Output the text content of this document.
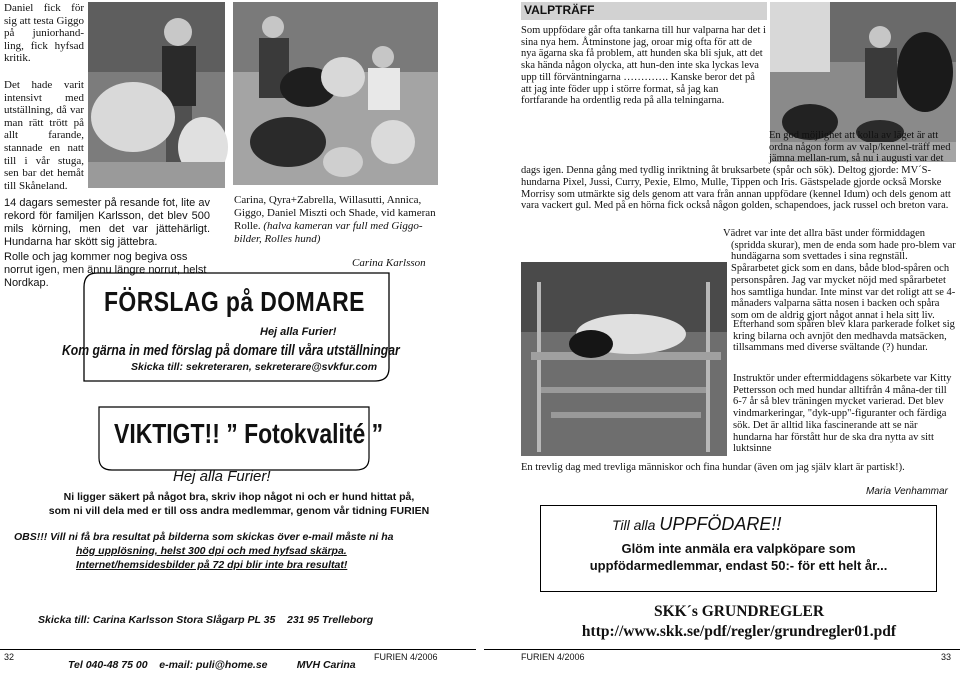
Daniel fick för sig att testa Giggo på juniorhand-ling, fick hyfsad kritik.

Det hade varit intensivt med utställning, då var man rätt trött på allt farande, stannade en natt till i vår stuga, sen bar det hemåt till Skåneland.

14 dagars semester på resande fot, lite av rekord för familjen Karlsson, det blev 500 mils körning, men det var jättehärligt. Hundarna har skött sig jättebra.

Rolle och jag kommer nog begiva oss norrut igen, men ännu längre norrut, helst Nordkap.

Carina, Qyra+Zabrella, Willasutti, Annica, Giggo, Daniel Miszti och Shade, vid kameran Rolle. (halva kameran var full med Giggo-bilder, Rolles hund)
Carina Karlsson
FÖRSLAG på DOMARE
Hej alla Furier!
Kom gärna in med förslag på domare till våra utställningar
Skicka till: sekreteraren, sekreterare@svkfur.com
VIKTIGT!! ” Fotokvalité ”
Hej alla Furier!
Ni ligger säkert på något bra, skriv ihop något ni och er hund hittat på,
som ni vill dela med er till oss andra medlemmar, genom vår tidning FURIEN
OBS!!! Vill ni få bra resultat på bilderna som skickas över e-mail måste ni ha
hög upplösning, helst 300 dpi och med hyfsad skärpa.
Internet/hemsidesbilder på 72 dpi blir inte bra resultat!

Skicka till: Carina Karlsson Stora Slågarp PL 35    231 95 Trelleborg

Tel 040-48 75 00    e-mail: puli@home.se          MVH Carina

32	FURIEN 4/2006
VALPTRÄFF
Som uppfödare går ofta tankarna till hur valparna har det i sina nya hem. Åtminstone jag, oroar mig ofta för att de nya ägarna ska få problem, att hunden ska bli sjuk, att det ska hända någon olycka, att hun-den inte ska lyckas leva upp till förväntningarna …………. Kanske beror det på att jag inte föder upp i större format, så jag kan fortfarande ha ordentlig reda på alla telningarna.
En god möjlighet att kolla av läget är att ordna någon form av valp/kennel-träff med jämna mellan-rum, så nu i augusti var det dags igen. Denna gång med tydlig inriktning åt bruksarbete (spår och sök). Deltog gjorde: MV´S-hundarna Pixel, Jussi, Curry, Pexie, Elmo, Mulle, Tippen och Iris. Gästspelade gjorde också Morske Morrisy som utmärkte sig dels genom att vara från annan uppfödare (kennel Idum) och dels genom att vara vackert gul. Med på en hörna fick också någon golden, schapendoes, jack russel och breton vara.
Vädret var inte det allra bäst under förmiddagen (spridda skurar), men de enda som hade pro-blem var hundägarna som svettades i sina regnställ. Spårarbetet gick som en dans, både blod-spåren och personspåren. Jag var mycket nöjd med spårarbetet hos samtliga hundar. Inte minst var det roligt att se 4-månaders valparna sätta nosen i backen och spåra som om de aldrig gjort något annat i hela sitt liv.
Efterhand som spåren blev klara parkerade folket sig kring bilarna och avnjöt den medhavda matsäcken, tillsammans med diverse svältande (?) hundar.
Instruktör under eftermiddagens sökarbete var Kitty Pettersson och med hundar alltifrån 4 måna-der till 6-7 år så blev träningen mycket varierad. Det blev vindmarkeringar, "dyk-upp"-figuranter och färdiga sök. Det är alltid lika fascinerande att se när hundarna har förstått hur de ska dra nytta av sitt luktsinne
En trevlig dag med trevliga människor och fina hundar (även om jag själv klart är partisk!).
Maria Venhammar
Till alla UPPFÖDARE!!
Glöm inte anmäla era valpköpare som
uppfödarmedlemmar, endast 50:- för ett helt år...
SKK´s GRUNDREGLER
http://www.skk.se/pdf/regler/grundregler01.pdf
FURIEN 4/2006	33
